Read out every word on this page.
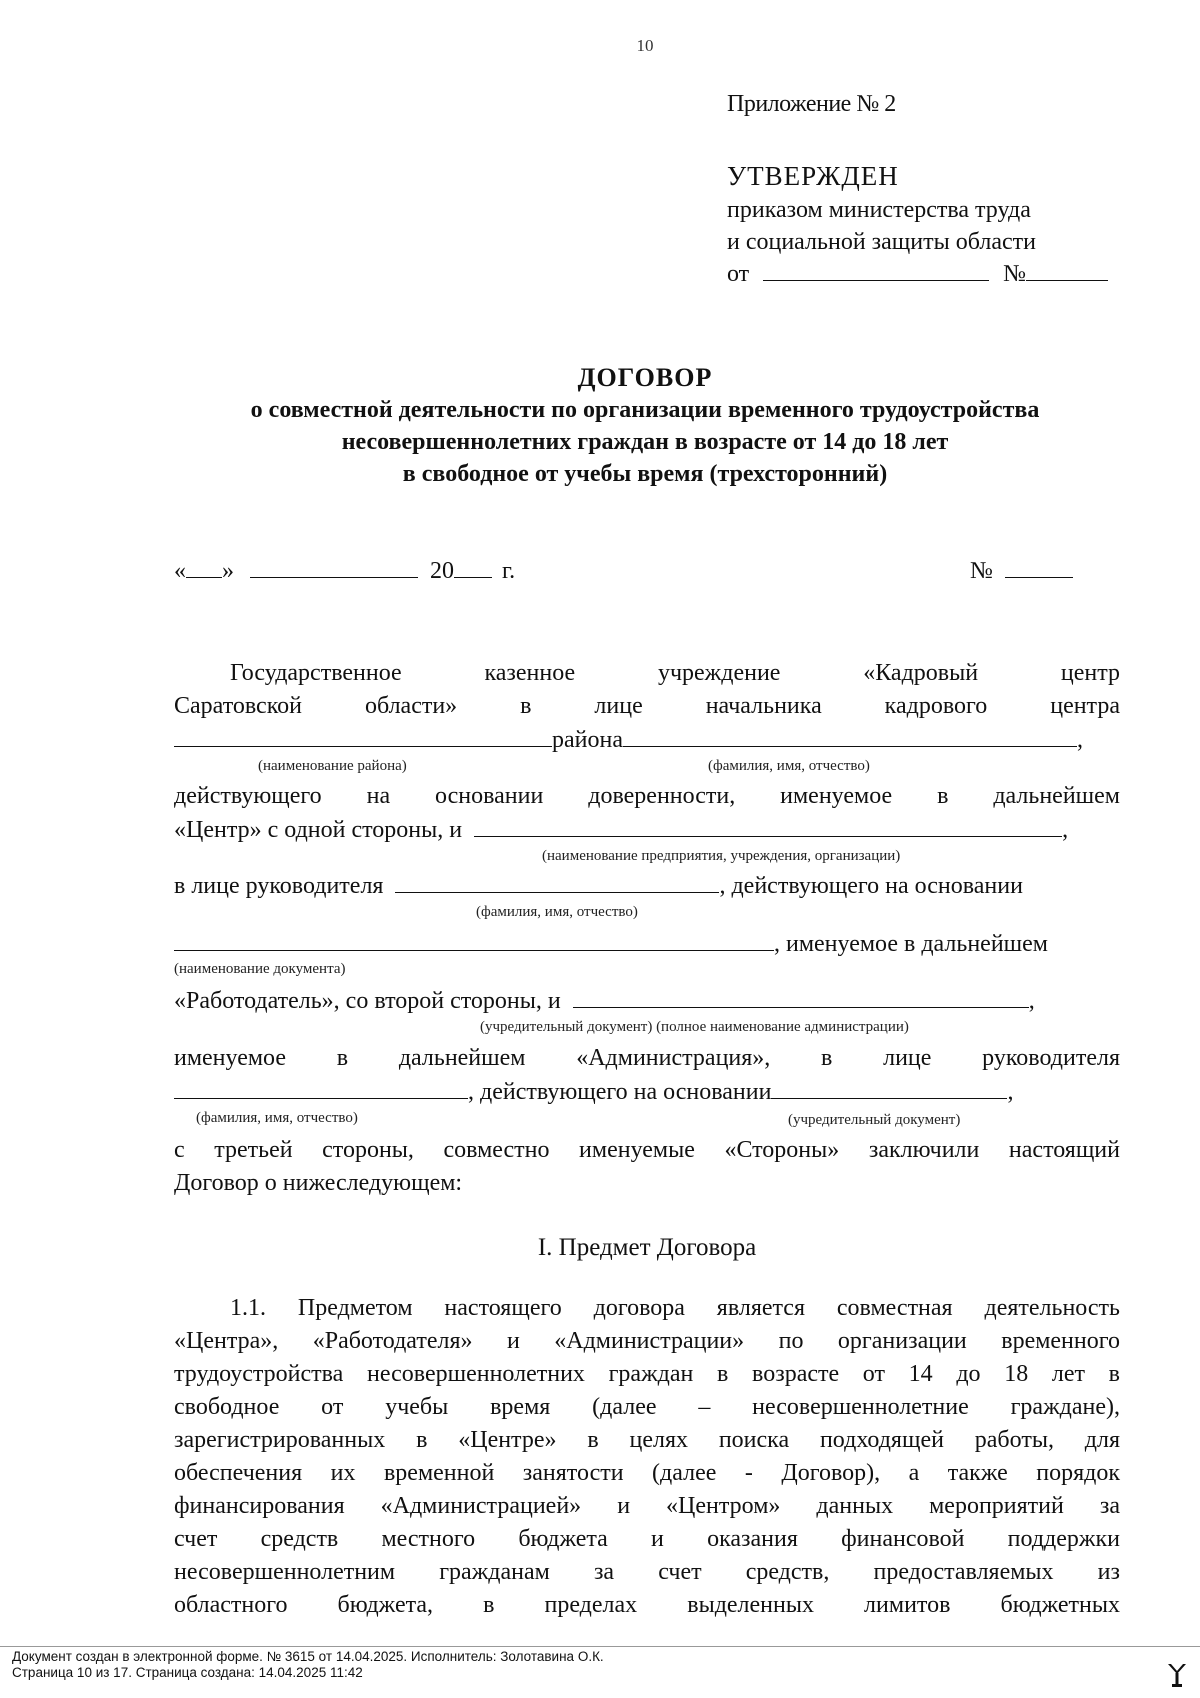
10
Приложение № 2
УТВЕРЖДЕН
приказом министерства труда
и социальной защиты области
от	№
ДОГОВОР
о совместной деятельности по организации временного трудоустройства
несовершеннолетних граждан в возрасте от 14 до 18 лет
в свободное от учебы время (трехсторонний)
« »	20 г.	№
Государственное казенное учреждение «Кадровый центр
Саратовской области» в лице начальника кадрового центра
района	,
(наименование района)	(фамилия, имя, отчество)
действующего на основании доверенности, именуемое в дальнейшем
«Центр» с одной стороны, и	,
(наименование предприятия, учреждения, организации)
в лице руководителя	, действующего на основании
(фамилия, имя, отчество)
, именуемое в дальнейшем
(наименование документа)
«Работодатель», со второй стороны, и	,
(учредительный документ) (полное наименование администрации)
именуемое в дальнейшем «Администрация», в лице руководителя
, действующего на основании	,
(фамилия, имя, отчество)	(учредительный документ)
с третьей стороны, совместно именуемые «Стороны» заключили настоящий
Договор о нижеследующем:
I. Предмет Договора
1.1. Предметом настоящего договора является совместная деятельность
«Центра», «Работодателя» и «Администрации» по организации временного
трудоустройства несовершеннолетних граждан в возрасте от 14 до 18 лет в
свободное от учебы время (далее – несовершеннолетние граждане),
зарегистрированных в «Центре» в целях поиска подходящей работы, для
обеспечения их временной занятости (далее - Договор), а также порядок
финансирования «Администрацией» и «Центром» данных мероприятий за
счет средств местного бюджета и оказания финансовой поддержки
несовершеннолетним гражданам за счет средств, предоставляемых из
областного бюджета, в пределах выделенных лимитов бюджетных
Документ создан в электронной форме. № 3615 от 14.04.2025. Исполнитель: Золотавина О.К.
Страница 10 из 17. Страница создана: 14.04.2025 11:42
